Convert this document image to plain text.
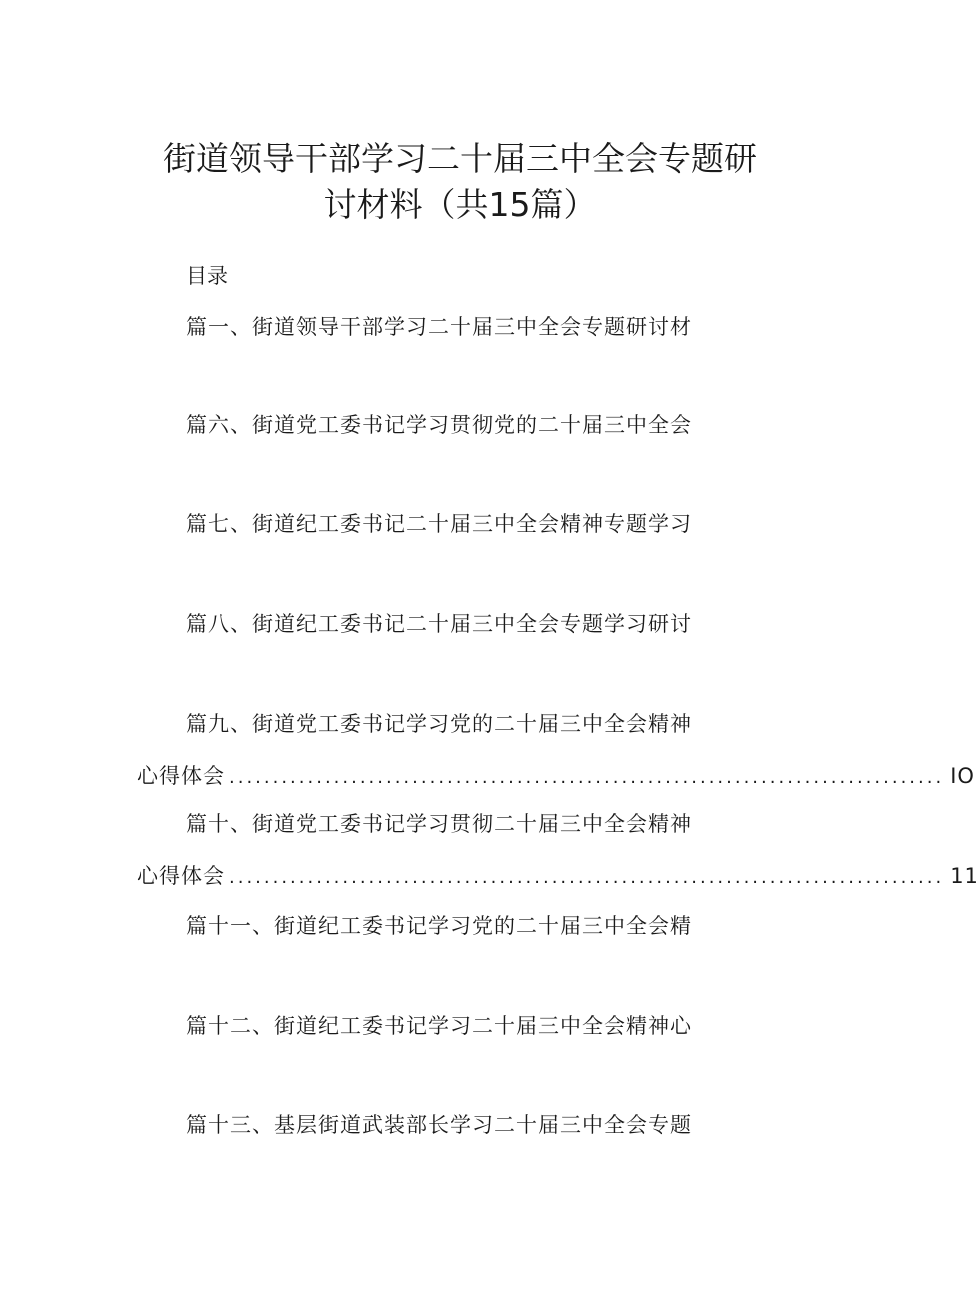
街道领导干部学习二十届三中全会专题研
讨材料（共15篇）
目录
篇一、街道领导干部学习二十届三中全会专题研讨材
篇六、街道党工委书记学习贯彻党的二十届三中全会
篇七、街道纪工委书记二十届三中全会精神专题学习
篇八、街道纪工委书记二十届三中全会专题学习研讨
篇九、街道党工委书记学习党的二十届三中全会精神
心得体会 .................................................................................. IO
篇十、街道党工委书记学习贯彻二十届三中全会精神
心得体会 .................................................................................. 11
篇十一、街道纪工委书记学习党的二十届三中全会精
篇十二、街道纪工委书记学习二十届三中全会精神心
篇十三、基层街道武装部长学习二十届三中全会专题
